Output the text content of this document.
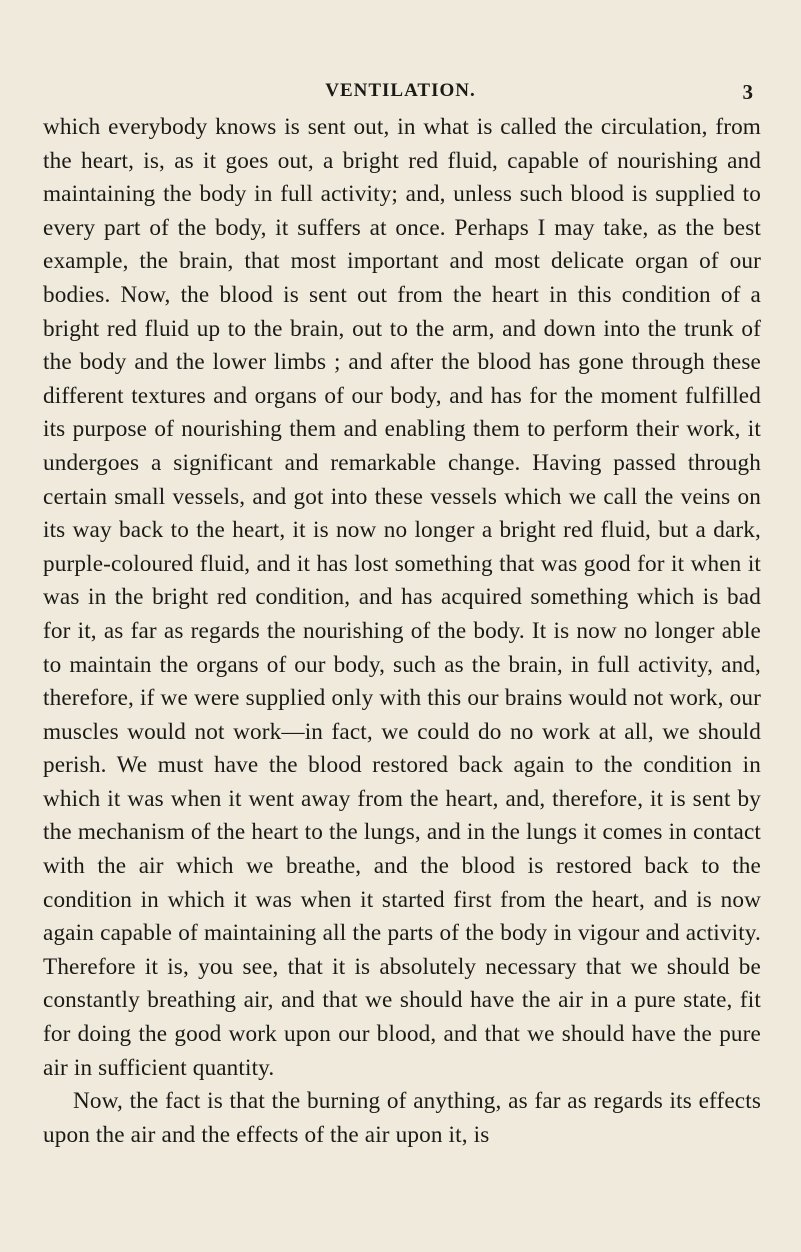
VENTILATION.	3

which everybody knows is sent out, in what is called the circulation, from the heart, is, as it goes out, a bright red fluid, capable of nourishing and maintaining the body in full activity; and, unless such blood is supplied to every part of the body, it suffers at once. Perhaps I may take, as the best example, the brain, that most important and most delicate organ of our bodies. Now, the blood is sent out from the heart in this condition of a bright red fluid up to the brain, out to the arm, and down into the trunk of the body and the lower limbs ; and after the blood has gone through these different textures and organs of our body, and has for the moment fulfilled its purpose of nourishing them and enabling them to perform their work, it undergoes a significant and remarkable change. Having passed through certain small vessels, and got into these vessels which we call the veins on its way back to the heart, it is now no longer a bright red fluid, but a dark, purple-coloured fluid, and it has lost something that was good for it when it was in the bright red condition, and has acquired something which is bad for it, as far as regards the nourishing of the body. It is now no longer able to maintain the organs of our body, such as the brain, in full activity, and, therefore, if we were supplied only with this our brains would not work, our muscles would not work—in fact, we could do no work at all, we should perish. We must have the blood restored back again to the condition in which it was when it went away from the heart, and, therefore, it is sent by the mechanism of the heart to the lungs, and in the lungs it comes in contact with the air which we breathe, and the blood is restored back to the condition in which it was when it started first from the heart, and is now again capable of maintaining all the parts of the body in vigour and activity. Therefore it is, you see, that it is absolutely necessary that we should be constantly breathing air, and that we should have the air in a pure state, fit for doing the good work upon our blood, and that we should have the pure air in sufficient quantity.

Now, the fact is that the burning of anything, as far as regards its effects upon the air and the effects of the air upon it, is
